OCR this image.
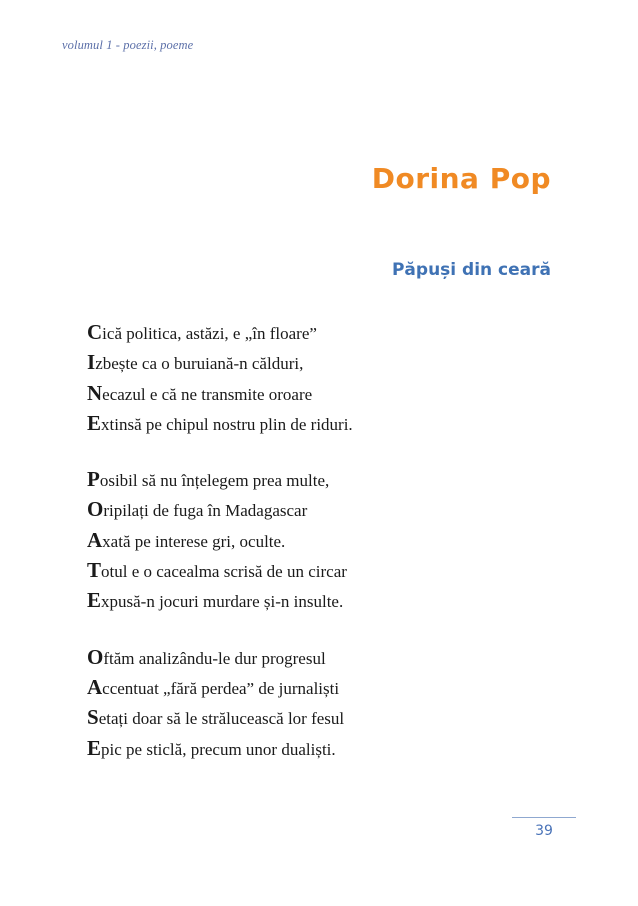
volumul 1 - poezii, poeme
Dorina Pop
Păpuși din ceară
Cică politica, astăzi, e „în floare”
Izbește ca o buruiană-n călduri,
Necazul e că ne transmite oroare
Extinsă pe chipul nostru plin de riduri.
Posibil să nu înțelegem prea multe,
Oripilați de fuga în Madagascar
Axată pe interese gri, oculte.
Totul e o cacealma scrisă de un circar
Expusă-n jocuri murdare și-n insulte.
Oftăm analizându-le dur progresul
Accentuat „fără perdea” de jurnaliști
Setați doar să le strălucească lor fesul
Epic pe sticlă, precum unor dualiști.
39
